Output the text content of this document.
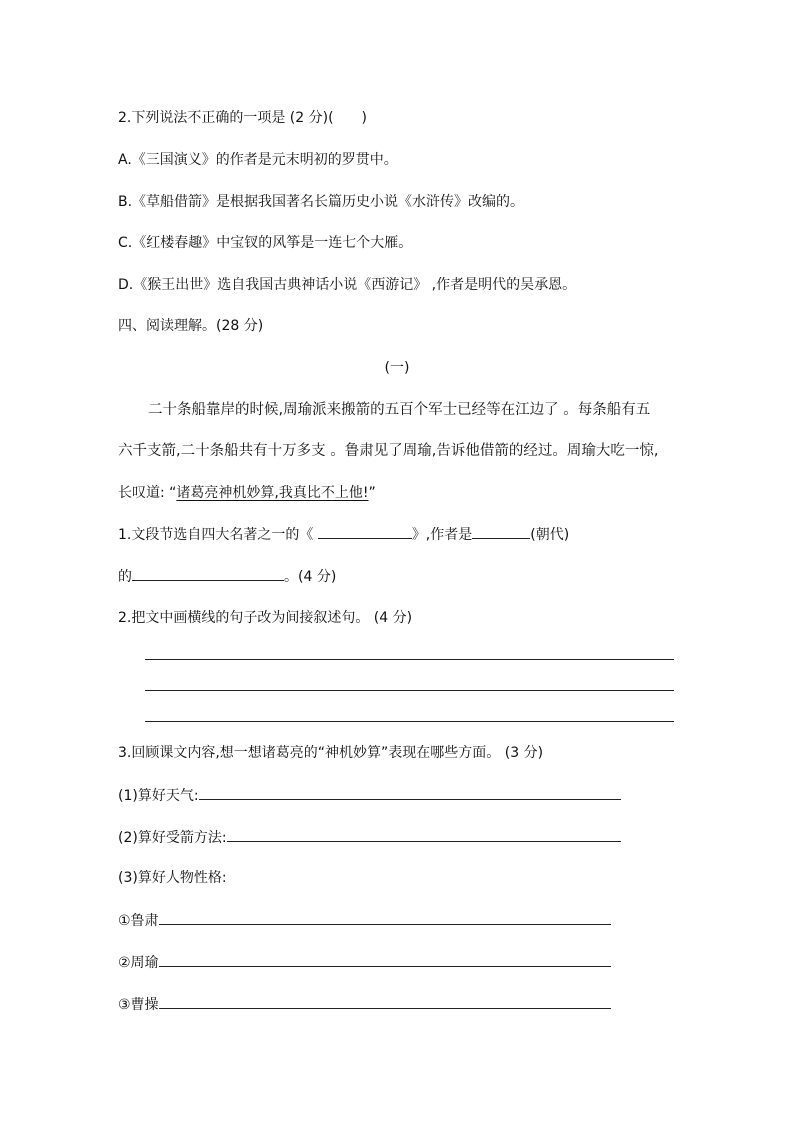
2.下列说法不正确的一项是 (2 分)(　　)
A.《三国演义》的作者是元末明初的罗贯中。
B.《草船借箭》是根据我国著名长篇历史小说《水浒传》改编的。
C.《红楼春趣》中宝钗的风筝是一连七个大雁。
D.《猴王出世》选自我国古典神话小说《西游记》 ,作者是明代的吴承恩。
四、阅读理解。(28 分)
(一)
二十条船靠岸的时候,周瑜派来搬箭的五百个军士已经等在江边了 。每条船有五
六千支箭,二十条船共有十万多支 。鲁肃见了周瑜,告诉他借箭的经过。周瑜大吃一惊,
长叹道: “诸葛亮神机妙算,我真比不上他!”
1.文段节选自四大名著之一的《	》,作者是	(朝代)
的	。(4 分)
2.把文中画横线的句子改为间接叙述句。 (4 分)
3.回顾课文内容,想一想诸葛亮的“神机妙算”表现在哪些方面。 (3 分)
(1)算好天气:
(2)算好受箭方法:
(3)算好人物性格:
①鲁肃
②周瑜
③曹操
